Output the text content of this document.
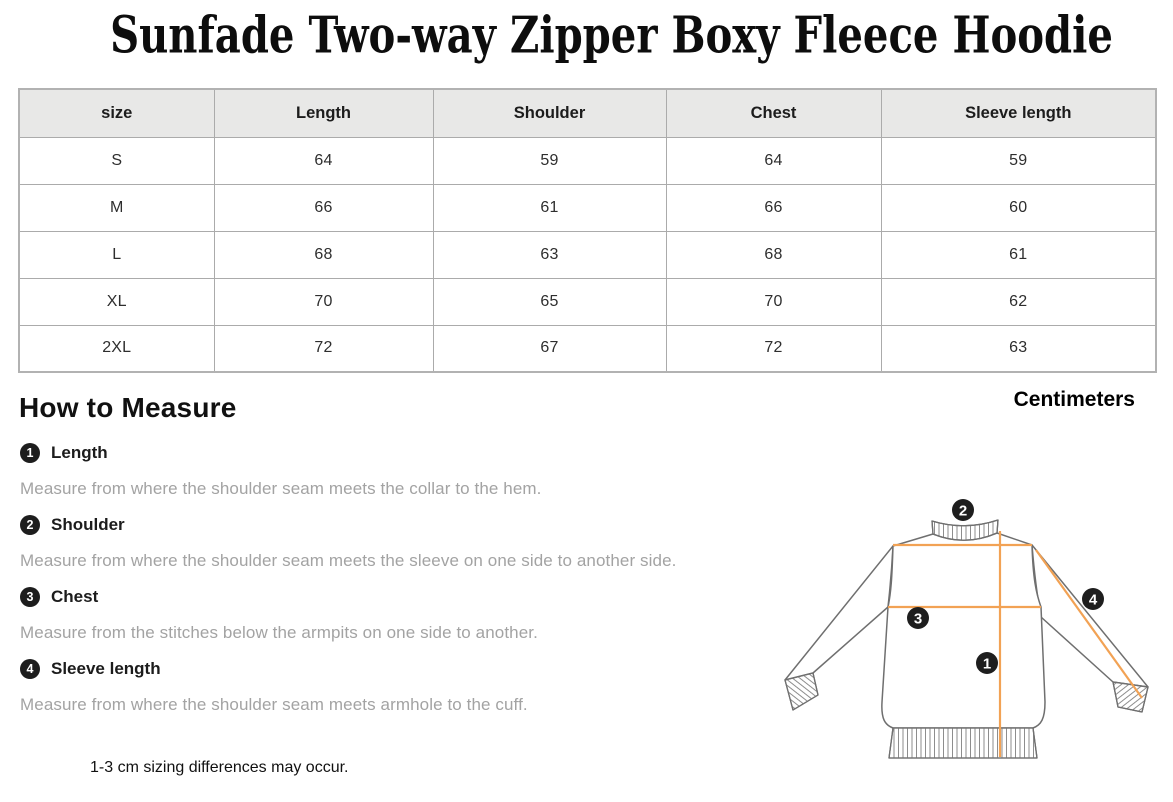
Sunfade Two-way Zipper Boxy Fleece Hoodie
size	Length	Shoulder	Chest	Sleeve length
S	64	59	64	59
M	66	61	66	60
L	68	63	68	61
XL	70	65	70	62
2XL	72	67	72	63
How to Measure	Centimeters
1	Length

Measure from where the shoulder seam meets the collar to the hem.

2	Shoulder

Measure from where the shoulder seam meets the sleeve on one side to another side.

3	Chest

Measure from the stitches below the armpits on one side to another.

4	Sleeve length

Measure from where the shoulder seam meets armhole to the cuff.

1-3 cm sizing differences may occur.
2
3
1
4
